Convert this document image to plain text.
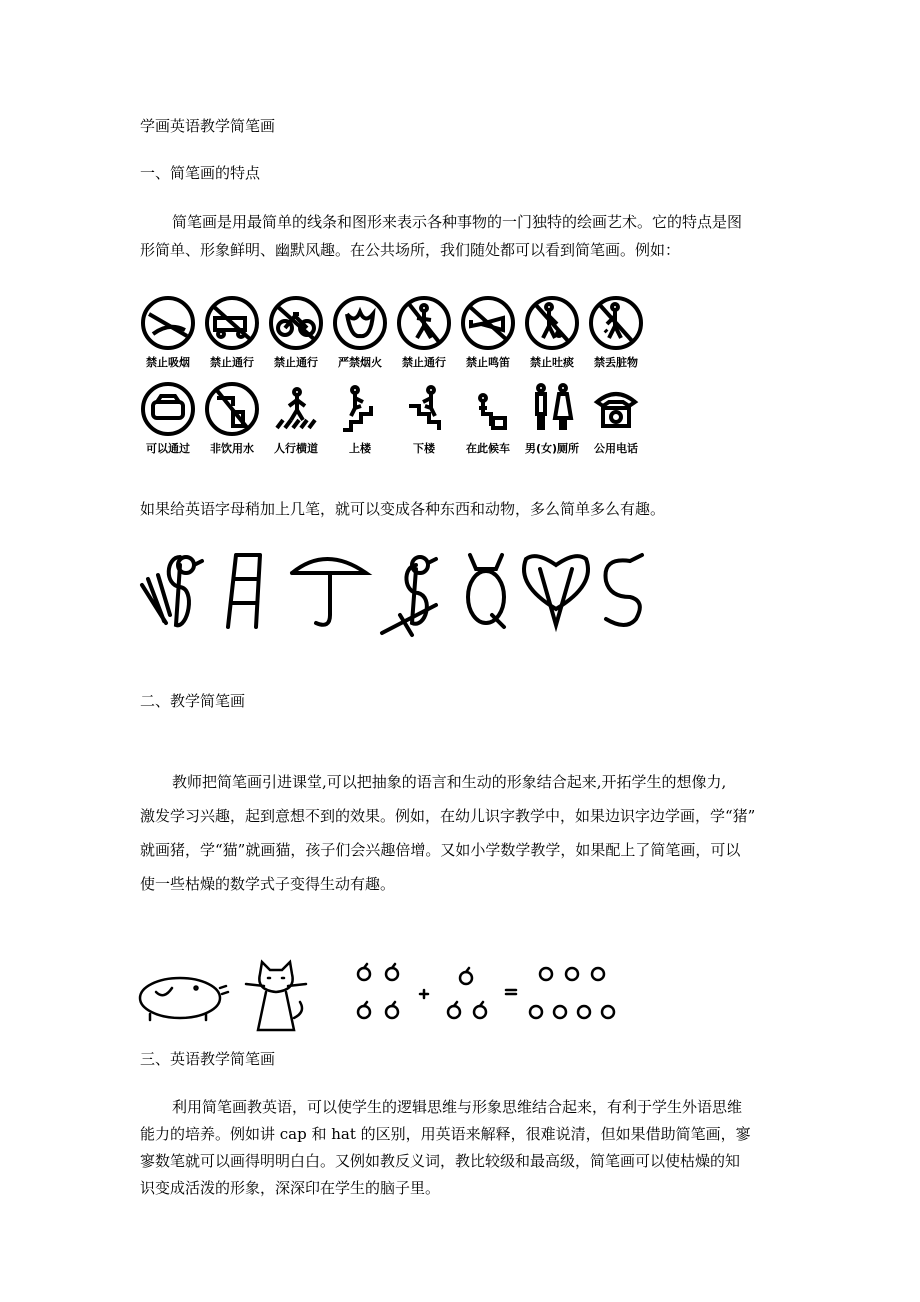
学画英语教学简笔画
一、简笔画的特点
简笔画是用最简单的线条和图形来表示各种事物的一门独特的绘画艺术。它的特点是图
形简单、形象鲜明、幽默风趣。在公共场所，我们随处都可以看到简笔画。例如：
禁止吸烟 禁止通行 禁止通行 严禁烟火 禁止通行 禁止鸣笛 禁止吐痰 禁丢脏物
可以通过 非饮用水 人行横道	上楼	下楼	在此候车 男(女)厕所 公用电话
如果给英语字母稍加上几笔，就可以变成各种东西和动物，多么简单多么有趣。
二、教学简笔画
教师把简笔画引进课堂,可以把抽象的语言和生动的形象结合起来,开拓学生的想像力,
激发学习兴趣，起到意想不到的效果。例如，在幼儿识字教学中，如果边识字边学画，学“猪”
就画猪，学“猫”就画猫，孩子们会兴趣倍增。又如小学数学教学，如果配上了简笔画，可以
使一些枯燥的数学式子变得生动有趣。
三、英语教学简笔画
利用简笔画教英语，可以使学生的逻辑思维与形象思维结合起来，有利于学生外语思维
能力的培养。例如讲 cap 和 hat 的区别，用英语来解释，很难说清，但如果借助简笔画，寥
寥数笔就可以画得明明白白。又例如教反义词，教比较级和最高级，简笔画可以使枯燥的知
识变成活泼的形象，深深印在学生的脑子里。
